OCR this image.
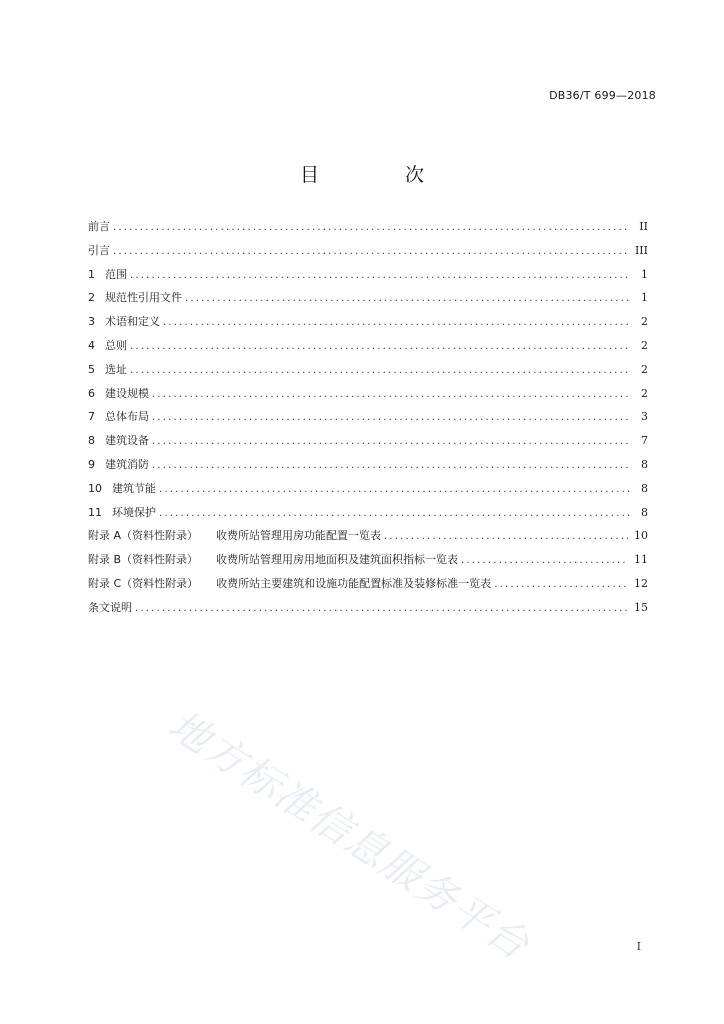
DB36/T 699—2018
目 次
前言 .....	II
引言 .....	III
1 范围 .....	1
2 规范性引用文件 .....	1
3 术语和定义 .....	2
4 总则 .....	2
5 选址 .....	2
6 建设规模 .....	2
7 总体布局 .....	3
8 建筑设备 .....	7
9 建筑消防 .....	8
10 建筑节能 .....	8
11 环境保护 .....	8
附录 A（资料性附录） 收费所站管理用房功能配置一览表 .....	10
附录 B（资料性附录） 收费所站管理用房用地面积及建筑面积指标一览表 .....	11
附录 C（资料性附录） 收费所站主要建筑和设施功能配置标准及装修标准一览表 .....	12
条文说明 .....	15
地方标准信息服务平台	I
